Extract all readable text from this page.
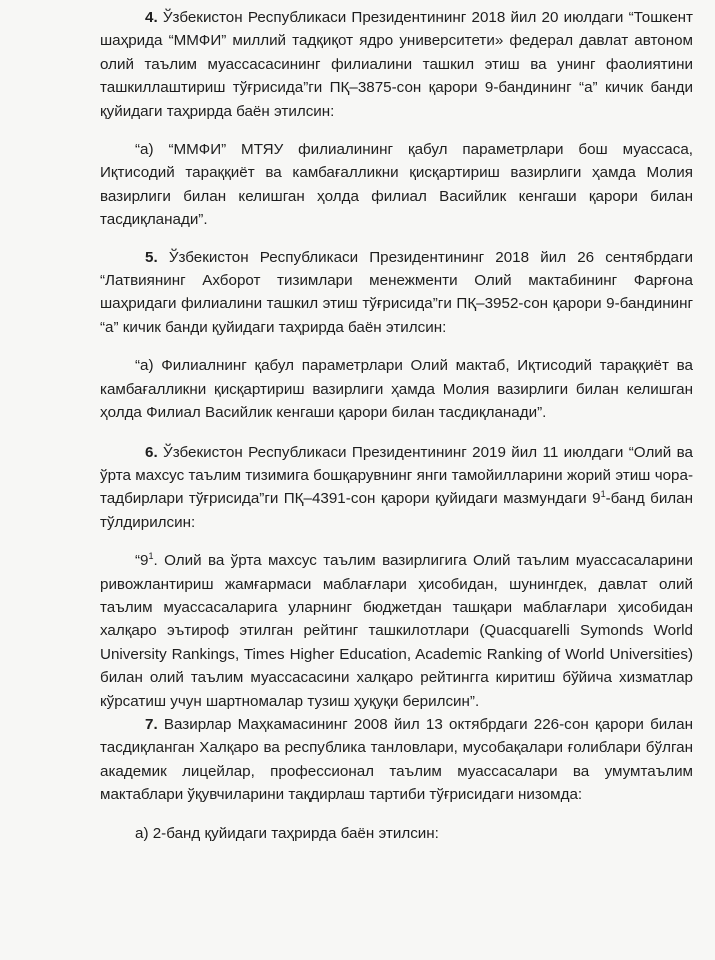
4. Ўзбекистон Республикаси Президентининг 2018 йил 20 июлдаги “Тошкент шаҳрида “ММФИ” миллий тадқиқот ядро университети» федерал давлат автоном олий таълим муассасасининг филиалини ташкил этиш ва унинг фаолиятини ташкиллаштириш тўғрисида”ги ПҚ–3875-сон қарори 9-бандининг “а” кичик банди қуйидаги таҳрирда баён этилсин:

“а) “ММФИ” МТЯУ филиалининг қабул параметрлари бош муассаса, Иқтисодий тараққиёт ва камбағалликни қисқартириш вазирлиги ҳамда Молия вазирлиги билан келишган ҳолда филиал Васийлик кенгаши қарори билан тасдиқланади”.

5. Ўзбекистон Республикаси Президентининг 2018 йил 26 сентябрдаги “Латвиянинг Ахборот тизимлари менежменти Олий мактабининг Фарғона шаҳридаги филиалини ташкил этиш тўғрисида”ги ПҚ–3952-сон қарори 9-бандининг “а” кичик банди қуйидаги таҳрирда баён этилсин:

“а) Филиалнинг қабул параметрлари Олий мактаб, Иқтисодий тараққиёт ва камбағалликни қисқартириш вазирлиги ҳамда Молия вазирлиги билан келишган ҳолда Филиал Васийлик кенгаши қарори билан тасдиқланади”.

6. Ўзбекистон Республикаси Президентининг 2019 йил 11 июлдаги “Олий ва ўрта махсус таълим тизимига бошқарувнинг янги тамойилларини жорий этиш чора-тадбирлари тўғрисида”ги ПҚ–4391-сон қарори қуйидаги мазмундаги $9^1$-банд билан тўлдирилсин:

“$9^1$. Олий ва ўрта махсус таълим вазирлигига Олий таълим муассасаларини ривожлантириш жамғармаси маблағлари ҳисобидан, шунингдек, давлат олий таълим муассасаларига уларнинг бюджетдан ташқари маблағлари ҳисобидан халқаро эътироф этилган рейтинг ташкилотлари (Quacquarelli Symonds World University Rankings, Times Higher Education, Academic Ranking of World Universities) билан олий таълим муассасасини халқаро рейтингга киритиш бўйича хизматлар кўрсатиш учун шартномалар тузиш ҳуқуқи берилсин”.

7. Вазирлар Маҳкамасининг 2008 йил 13 октябрдаги 226-сон қарори билан тасдиқланган Халқаро ва республика танловлари, мусобақалари ғолиблари бўлган академик лицейлар, профессионал таълим муассасалари ва умумтаълим мактаблари ўқувчиларини тақдирлаш тартиби тўғрисидаги низомда:

а) 2-банд қуйидаги таҳрирда баён этилсин:
